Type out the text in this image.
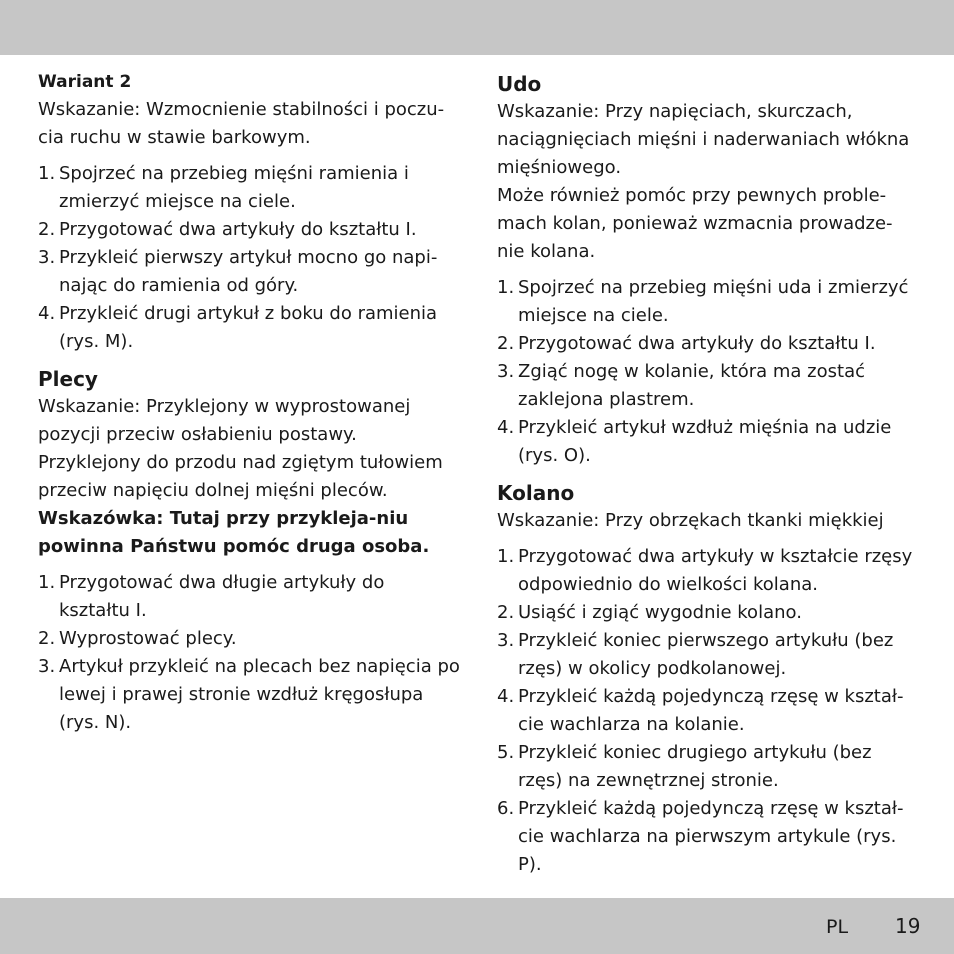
Wariant 2

Wskazanie: Wzmocnienie stabilności i poczu-cia ruchu w stawie barkowym.

1. Spojrzeć na przebieg mięśni ramienia i zmierzyć miejsce na ciele.
2. Przygotować dwa artykuły do kształtu I.
3. Przykleić pierwszy artykuł mocno go napi-nając do ramienia od góry.
4. Przykleić drugi artykuł z boku do ramienia (rys. M).

Plecy

Wskazanie: Przyklejony w wyprostowanej pozycji przeciw osłabieniu postawy.

Przyklejony do przodu nad zgiętym tułowiem przeciw napięciu dolnej mięśni pleców.

Wskazówka: Tutaj przy przykleja-niu powinna Państwu pomóc druga osoba.

1. Przygotować dwa długie artykuły do kształtu I.
2. Wyprostować plecy.
3. Artykuł przykleić na plecach bez napięcia po lewej i prawej stronie wzdłuż kręgosłupa (rys. N).

Udo

Wskazanie: Przy napięciach, skurczach, naciągnięciach mięśni i naderwaniach włókna mięśniowego.

Może również pomóc przy pewnych proble-mach kolan, ponieważ wzmacnia prowadze-nie kolana.

1. Spojrzeć na przebieg mięśni uda i zmierzyć miejsce na ciele.
2. Przygotować dwa artykuły do kształtu I.
3. Zgiąć nogę w kolanie, która ma zostać zaklejona plastrem.
4. Przykleić artykuł wzdłuż mięśnia na udzie (rys. O).

Kolano

Wskazanie: Przy obrzękach tkanki miękkiej

1. Przygotować dwa artykuły w kształcie rzęsy odpowiednio do wielkości kolana.
2. Usiąść i zgiąć wygodnie kolano.
3. Przykleić koniec pierwszego artykułu (bez rzęs) w okolicy podkolanowej.
4. Przykleić każdą pojedynczą rzęsę w kształ-cie wachlarza na kolanie.
5. Przykleić koniec drugiego artykułu (bez rzęs) na zewnętrznej stronie.
6. Przykleić każdą pojedynczą rzęsę w kształ-cie wachlarza na pierwszym artykule (rys. P).
PL 19
